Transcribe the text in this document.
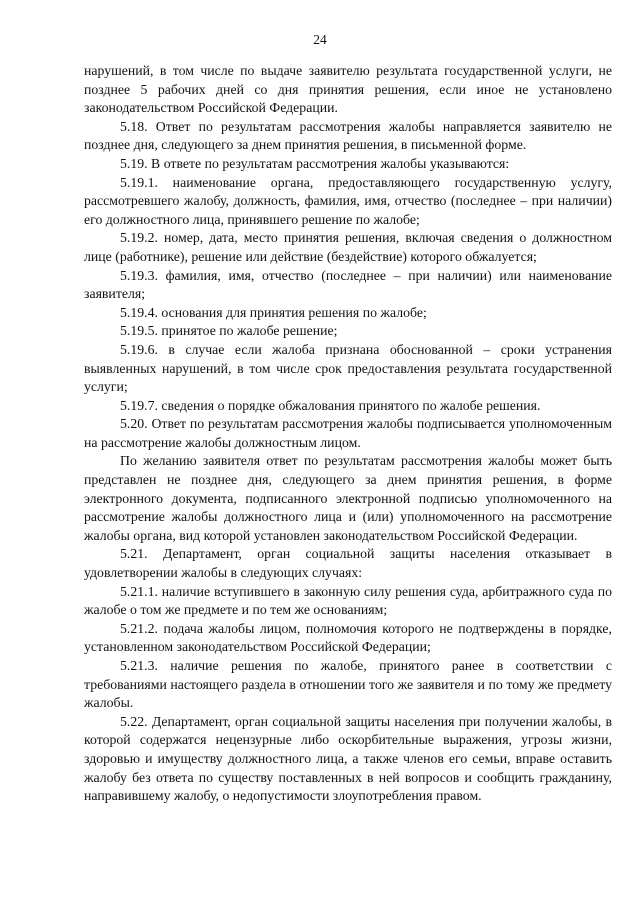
24

нарушений, в том числе по выдаче заявителю результата государственной услуги, не позднее 5 рабочих дней со дня принятия решения, если иное не установлено законодательством Российской Федерации.

5.18. Ответ по результатам рассмотрения жалобы направляется заявителю не позднее дня, следующего за днем принятия решения, в письменной форме.

5.19. В ответе по результатам рассмотрения жалобы указываются:

5.19.1. наименование органа, предоставляющего государственную услугу, рассмотревшего жалобу, должность, фамилия, имя, отчество (последнее – при наличии) его должностного лица, принявшего решение по жалобе;

5.19.2. номер, дата, место принятия решения, включая сведения о должностном лице (работнике), решение или действие (бездействие) которого обжалуется;

5.19.3. фамилия, имя, отчество (последнее – при наличии) или наименование заявителя;

5.19.4. основания для принятия решения по жалобе;

5.19.5. принятое по жалобе решение;

5.19.6. в случае если жалоба признана обоснованной – сроки устранения выявленных нарушений, в том числе срок предоставления результата государственной услуги;

5.19.7. сведения о порядке обжалования принятого по жалобе решения.

5.20. Ответ по результатам рассмотрения жалобы подписывается уполномоченным на рассмотрение жалобы должностным лицом.

По желанию заявителя ответ по результатам рассмотрения жалобы может быть представлен не позднее дня, следующего за днем принятия решения, в форме электронного документа, подписанного электронной подписью уполномоченного на рассмотрение жалобы должностного лица и (или) уполномоченного на рассмотрение жалобы органа, вид которой установлен законодательством Российской Федерации.

5.21. Департамент, орган социальной защиты населения отказывает в удовлетворении жалобы в следующих случаях:

5.21.1. наличие вступившего в законную силу решения суда, арбитражного суда по жалобе о том же предмете и по тем же основаниям;

5.21.2. подача жалобы лицом, полномочия которого не подтверждены в порядке, установленном законодательством Российской Федерации;

5.21.3. наличие решения по жалобе, принятого ранее в соответствии с требованиями настоящего раздела в отношении того же заявителя и по тому же предмету жалобы.

5.22. Департамент, орган социальной защиты населения при получении жалобы, в которой содержатся нецензурные либо оскорбительные выражения, угрозы жизни, здоровью и имуществу должностного лица, а также членов его семьи, вправе оставить жалобу без ответа по существу поставленных в ней вопросов и сообщить гражданину, направившему жалобу, о недопустимости злоупотребления правом.
